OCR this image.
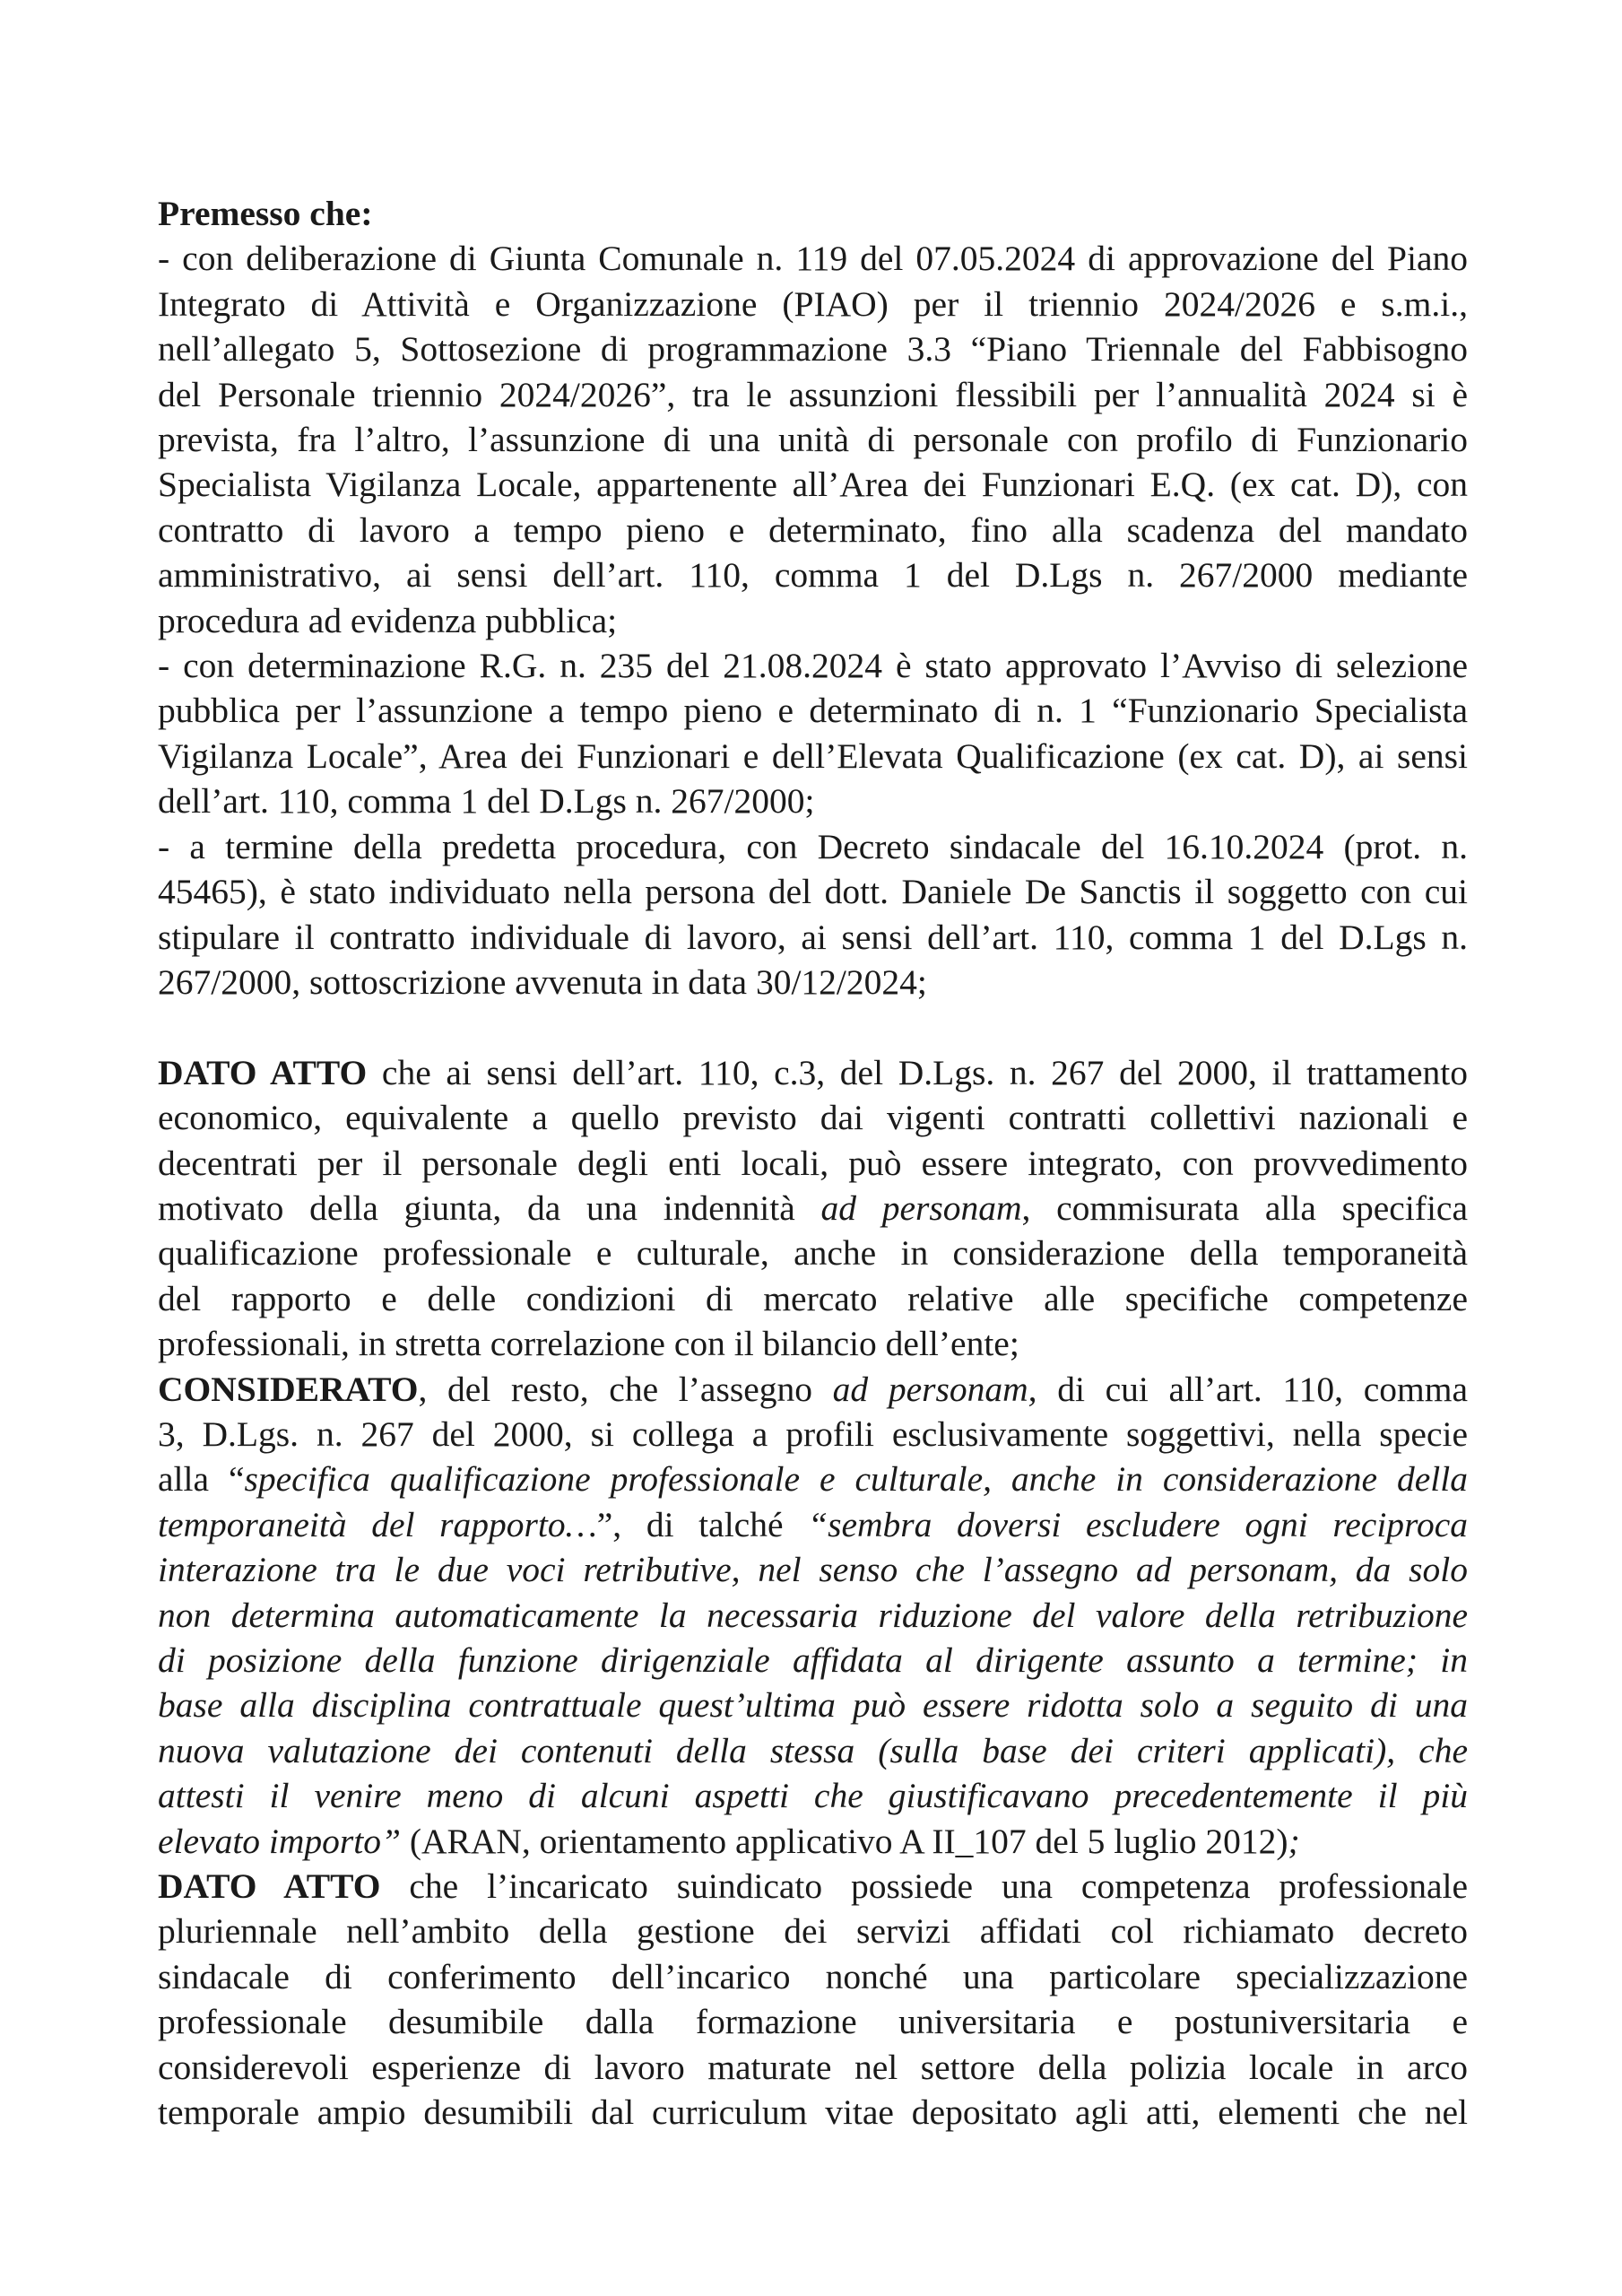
Premesso che:

- con deliberazione di Giunta Comunale n. 119 del 07.05.2024 di approvazione del Piano

Integrato di Attività e Organizzazione (PIAO) per il triennio 2024/2026 e s.m.i.,

nell’allegato 5, Sottosezione di programmazione 3.3 “Piano Triennale del Fabbisogno

del Personale triennio 2024/2026”, tra le assunzioni flessibili per l’annualità 2024 si è

prevista, fra l’altro, l’assunzione di una unità di personale con profilo di Funzionario

Specialista Vigilanza Locale, appartenente all’Area dei Funzionari E.Q. (ex cat. D), con

contratto di lavoro a tempo pieno e determinato, fino alla scadenza del mandato

amministrativo, ai sensi dell’art. 110, comma 1 del D.Lgs n. 267/2000 mediante

procedura ad evidenza pubblica;

- con determinazione R.G. n. 235 del 21.08.2024 è stato approvato l’Avviso di selezione

pubblica per l’assunzione a tempo pieno e determinato di n. 1 “Funzionario Specialista

Vigilanza Locale”, Area dei Funzionari e dell’Elevata Qualificazione (ex cat. D), ai sensi

dell’art. 110, comma 1 del D.Lgs n. 267/2000;

- a termine della predetta procedura, con Decreto sindacale del 16.10.2024 (prot. n.

45465), è stato individuato nella persona del dott. Daniele De Sanctis il soggetto con cui

stipulare il contratto individuale di lavoro, ai sensi dell’art. 110, comma 1 del D.Lgs n.

267/2000, sottoscrizione avvenuta in data 30/12/2024;

DATO ATTO che ai sensi dell’art. 110, c.3, del D.Lgs. n. 267 del 2000, il trattamento

economico, equivalente a quello previsto dai vigenti contratti collettivi nazionali e

decentrati per il personale degli enti locali, può essere integrato, con provvedimento

motivato della giunta, da una indennità ad personam, commisurata alla specifica

qualificazione professionale e culturale, anche in considerazione della temporaneità

del rapporto e delle condizioni di mercato relative alle specifiche competenze

professionali, in stretta correlazione con il bilancio dell’ente;

CONSIDERATO, del resto, che l’assegno ad personam, di cui all’art. 110, comma

3, D.Lgs. n. 267 del 2000, si collega a profili esclusivamente soggettivi, nella specie

alla “specifica qualificazione professionale e culturale, anche in considerazione della

temporaneità del rapporto…”, di talché “sembra doversi escludere ogni reciproca

interazione tra le due voci retributive, nel senso che l’assegno ad personam, da solo

non determina automaticamente la necessaria riduzione del valore della retribuzione

di posizione della funzione dirigenziale affidata al dirigente assunto a termine; in

base alla disciplina contrattuale quest’ultima può essere ridotta solo a seguito di una

nuova valutazione dei contenuti della stessa (sulla base dei criteri applicati), che

attesti il venire meno di alcuni aspetti che giustificavano precedentemente il più

elevato importo” (ARAN, orientamento applicativo A II_107 del 5 luglio 2012);

DATO ATTO che l’incaricato suindicato possiede una competenza professionale

pluriennale nell’ambito della gestione dei servizi affidati col richiamato decreto

sindacale di conferimento dell’incarico nonché una particolare specializzazione

professionale desumibile dalla formazione universitaria e postuniversitaria e

considerevoli esperienze di lavoro maturate nel settore della polizia locale in arco

temporale ampio desumibili dal curriculum vitae depositato agli atti, elementi che nel
